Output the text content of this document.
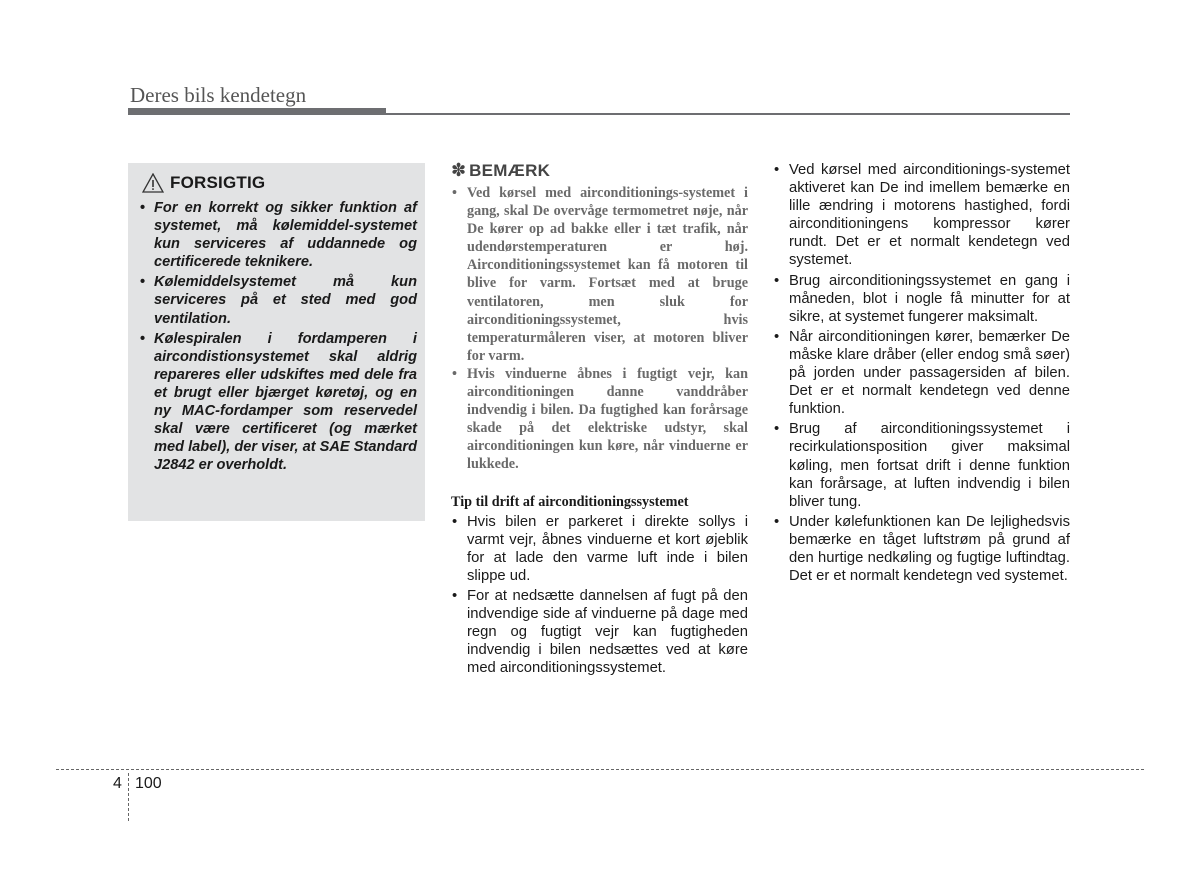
Deres bils kendetegn
FORSIGTIG
• For en korrekt og sikker funktion af systemet, må kølemiddel-systemet kun serviceres af uddannede og certificerede teknikere.
• Kølemiddelsystemet må kun serviceres på et sted med god ventilation.
• Kølespiralen i fordamperen i aircondistionsystemet skal aldrig repareres eller udskiftes med dele fra et brugt eller bjærget køretøj, og en ny MAC-fordamper som reservedel skal være certificeret (og mærket med label), der viser, at SAE Standard J2842 er overholdt.
✽ BEMÆRK
• Ved kørsel med airconditionings-systemet i gang, skal De overvåge termometret nøje, når De kører op ad bakke eller i tæt trafik, når udendørstemperaturen er høj. Airconditioningssystemet kan få motoren til blive for varm. Fortsæt med at bruge ventilatoren, men sluk for airconditioningssystemet, hvis temperaturmåleren viser, at motoren bliver for varm.
• Hvis vinduerne åbnes i fugtigt vejr, kan airconditioningen danne vanddråber indvendig i bilen. Da fugtighed kan forårsage skade på det elektriske udstyr, skal airconditioningen kun køre, når vinduerne er lukkede.
Tip til drift af airconditioningssystemet
• Hvis bilen er parkeret i direkte sollys i varmt vejr, åbnes vinduerne et kort øjeblik for at lade den varme luft inde i bilen slippe ud.
• For at nedsætte dannelsen af fugt på den indvendige side af vinduerne på dage med regn og fugtigt vejr kan fugtigheden indvendig i bilen nedsættes ved at køre med airconditioningssystemet.
• Ved kørsel med airconditionings-systemet aktiveret kan De ind imellem bemærke en lille ændring i motorens hastighed, fordi airconditioningens kompressor kører rundt. Det er et normalt kendetegn ved systemet.
• Brug airconditioningssystemet en gang i måneden, blot i nogle få minutter for at sikre, at systemet fungerer maksimalt.
• Når airconditioningen kører, bemærker De måske klare dråber (eller endog små søer) på jorden under passagersiden af bilen. Det er et normalt kendetegn ved denne funktion.
• Brug af airconditioningssystemet i recirkulationsposition giver maksimal køling, men fortsat drift i denne funktion kan forårsage, at luften indvendig i bilen bliver tung.
• Under kølefunktionen kan De lejlighedsvis bemærke en tåget luftstrøm på grund af den hurtige nedkøling og fugtige luftindtag. Det er et normalt kendetegn ved systemet.
4 100
